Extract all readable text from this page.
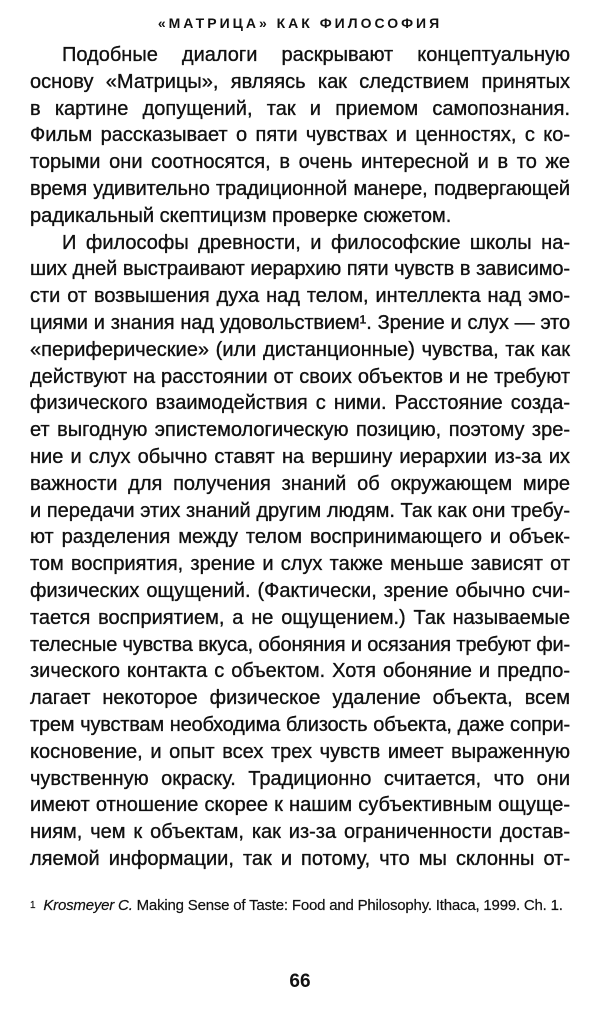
«МАТРИЦА» КАК ФИЛОСОФИЯ
Подобные диалоги раскрывают концептуальную
основу «Матрицы», являясь как следствием принятых
в картине допущений, так и приемом самопознания.
Фильм рассказывает о пяти чувствах и ценностях, с ко-
торыми они соотносятся, в очень интересной и в то же
время удивительно традиционной манере, подвергающей
радикальный скептицизм проверке сюжетом.
И философы древности, и философские школы на-
ших дней выстраивают иерархию пяти чувств в зависимо-
сти от возвышения духа над телом, интеллекта над эмо-
циями и знания над удовольствием¹. Зрение и слух — это
«периферические» (или дистанционные) чувства, так как
действуют на расстоянии от своих объектов и не требуют
физического взаимодействия с ними. Расстояние созда-
ет выгодную эпистемологическую позицию, поэтому зре-
ние и слух обычно ставят на вершину иерархии из-за их
важности для получения знаний об окружающем мире
и передачи этих знаний другим людям. Так как они требу-
ют разделения между телом воспринимающего и объек-
том восприятия, зрение и слух также меньше зависят от
физических ощущений. (Фактически, зрение обычно счи-
тается восприятием, а не ощущением.) Так называемые
телесные чувства вкуса, обоняния и осязания требуют фи-
зического контакта с объектом. Хотя обоняние и предпо-
лагает некоторое физическое удаление объекта, всем
трем чувствам необходима близость объекта, даже сопри-
косновение, и опыт всех трех чувств имеет выраженную
чувственную окраску. Традиционно считается, что они
имеют отношение скорее к нашим субъективным ощуще-
ниям, чем к объектам, как из-за ограниченности достав-
ляемой информации, так и потому, что мы склонны от-
$^1$ Krosmeyer C. Making Sense of Taste: Food and Philosophy. Ithaca, 1999. Ch. 1.
66
